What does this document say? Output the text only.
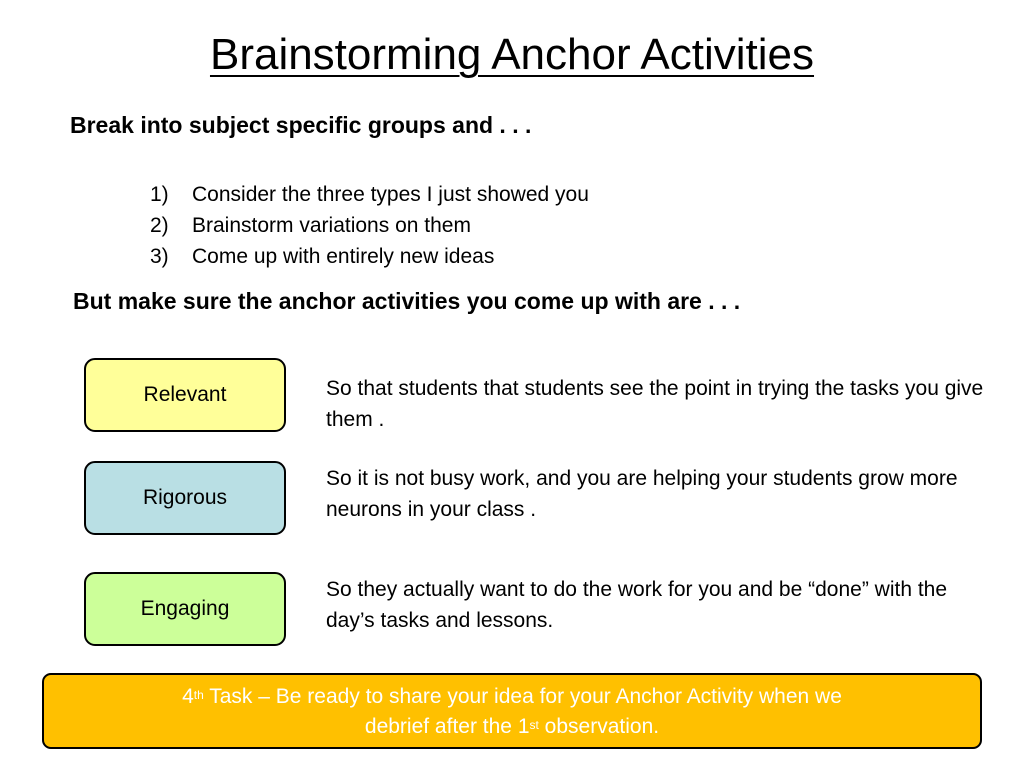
Brainstorming Anchor Activities
Break into subject specific groups and . . .
1) Consider the three types I just showed you
2) Brainstorm variations on them
3) Come up with entirely new ideas
But make sure the anchor activities you come up with are . . .
Relevant	So that students that students see the point in trying the tasks you give them .
Rigorous
So it is not busy work, and you are helping your students grow more neurons in your class .
Engaging
So they actually want to do the work for you and be “done” with the day’s tasks and lessons.
4th Task – Be ready to share your idea for your Anchor Activity when we
debrief after the 1st observation.
